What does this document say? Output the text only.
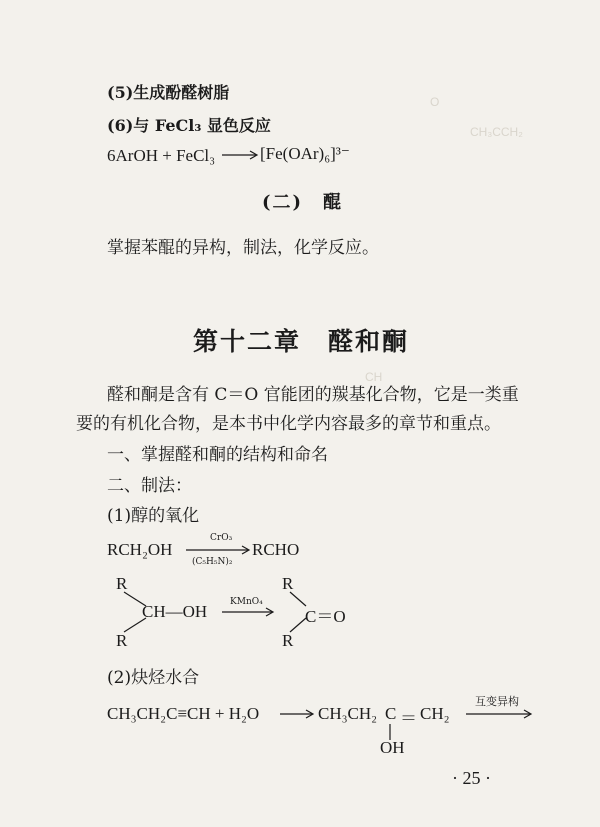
O
CH₃CCH₂
CH
(5)生成酚醛树脂
(6)与 FeCl₃ 显色反应
6ArOH + FeCl₃	[Fe(OAr)₆]³⁻
(二)　醌
掌握苯醌的异构，制法，化学反应。
第十二章　醛和酮
醛和酮是含有 C＝O 官能团的羰基化合物，它是一类重
要的有机化合物，是本书中化学内容最多的章节和重点。
一、掌握醛和酮的结构和命名
二、制法：
(1)醇的氧化
RCH₂OH
CrO₃
(C₅H₅N)₂
RCHO
R
CH—OH
R
KMnO₄
R
C＝O
R
(2)炔烃水合
CH₃CH₂C≡CH + H₂O	CH₃CH₂ C ＝ CH₂
OH
互变异构
· 25 ·
